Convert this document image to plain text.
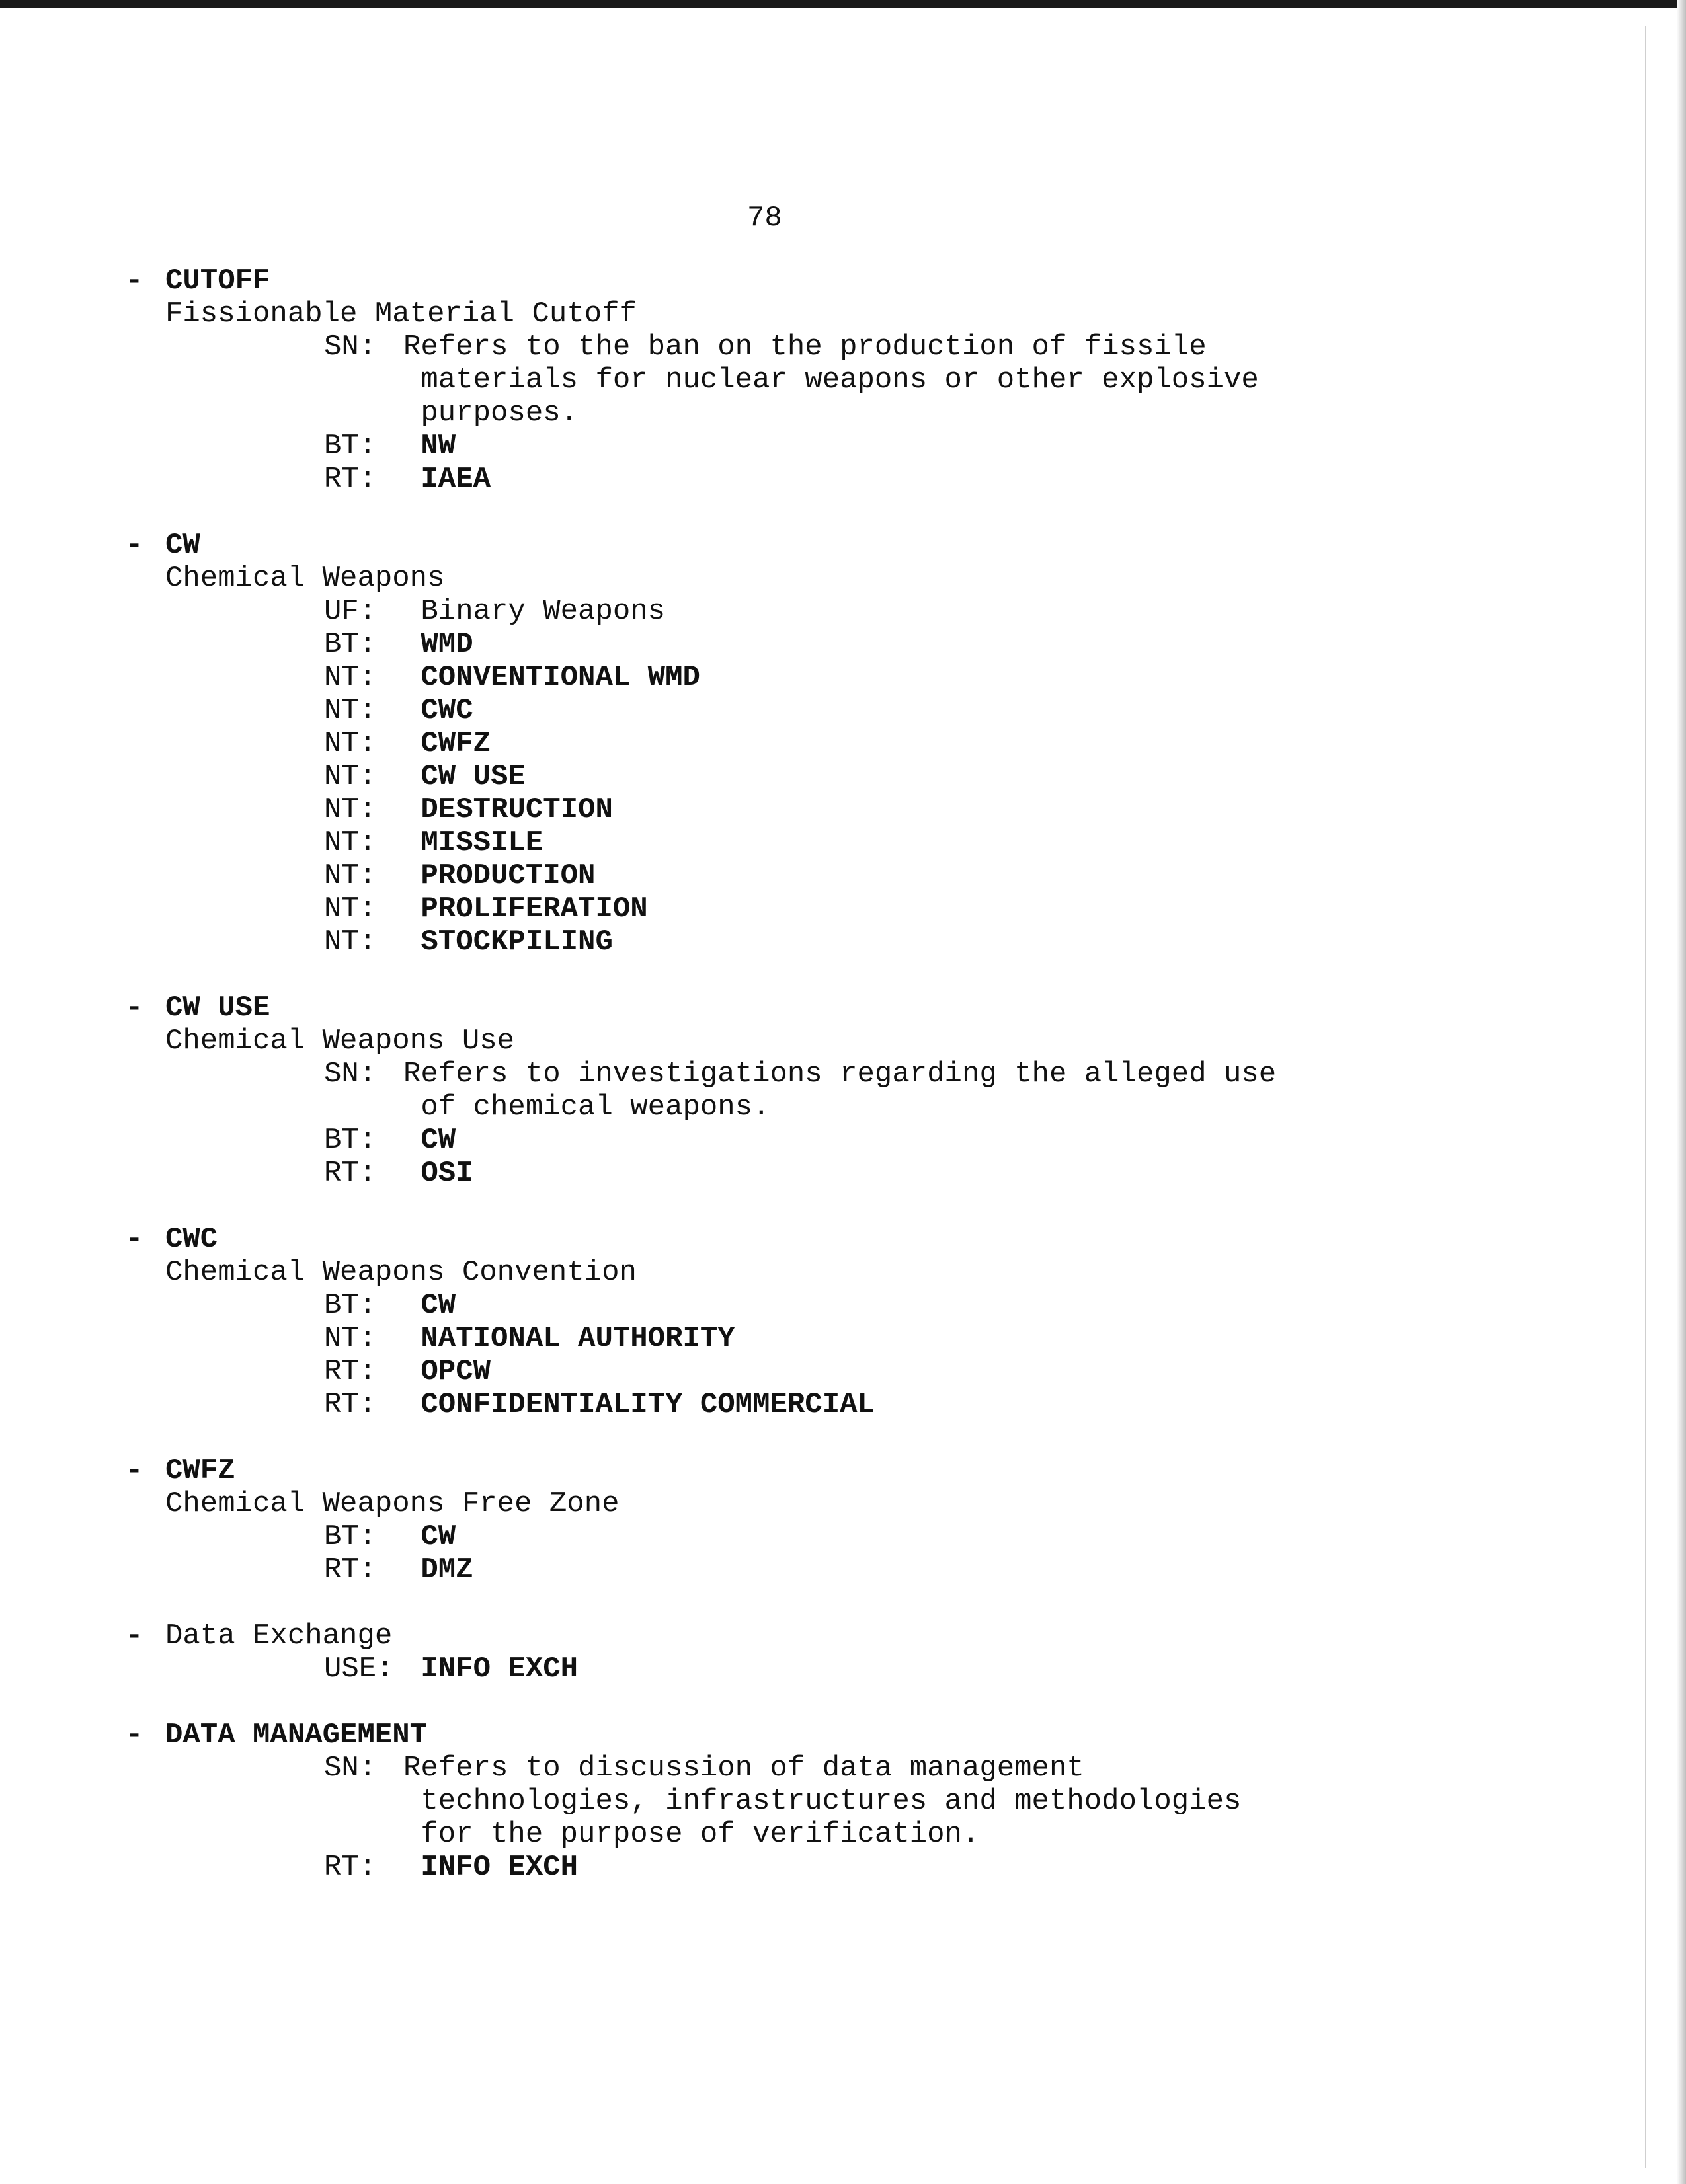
78
- CUTOFF
Fissionable Material Cutoff
SN: Refers to the ban on the production of fissile
materials for nuclear weapons or other explosive
purposes.
BT: NW
RT: IAEA
- CW
Chemical Weapons
UF: Binary Weapons
BT: WMD
NT: CONVENTIONAL WMD
NT: CWC
NT: CWFZ
NT: CW USE
NT: DESTRUCTION
NT: MISSILE
NT: PRODUCTION
NT: PROLIFERATION
NT: STOCKPILING
- CW USE
Chemical Weapons Use
SN: Refers to investigations regarding the alleged use
of chemical weapons.
BT: CW
RT: OSI
- CWC
Chemical Weapons Convention
BT: CW
NT: NATIONAL AUTHORITY
RT: OPCW
RT: CONFIDENTIALITY COMMERCIAL
- CWFZ
Chemical Weapons Free Zone
BT: CW
RT: DMZ
- Data Exchange
USE: INFO EXCH
- DATA MANAGEMENT
SN: Refers to discussion of data management
technologies, infrastructures and methodologies
for the purpose of verification.
RT: INFO EXCH
